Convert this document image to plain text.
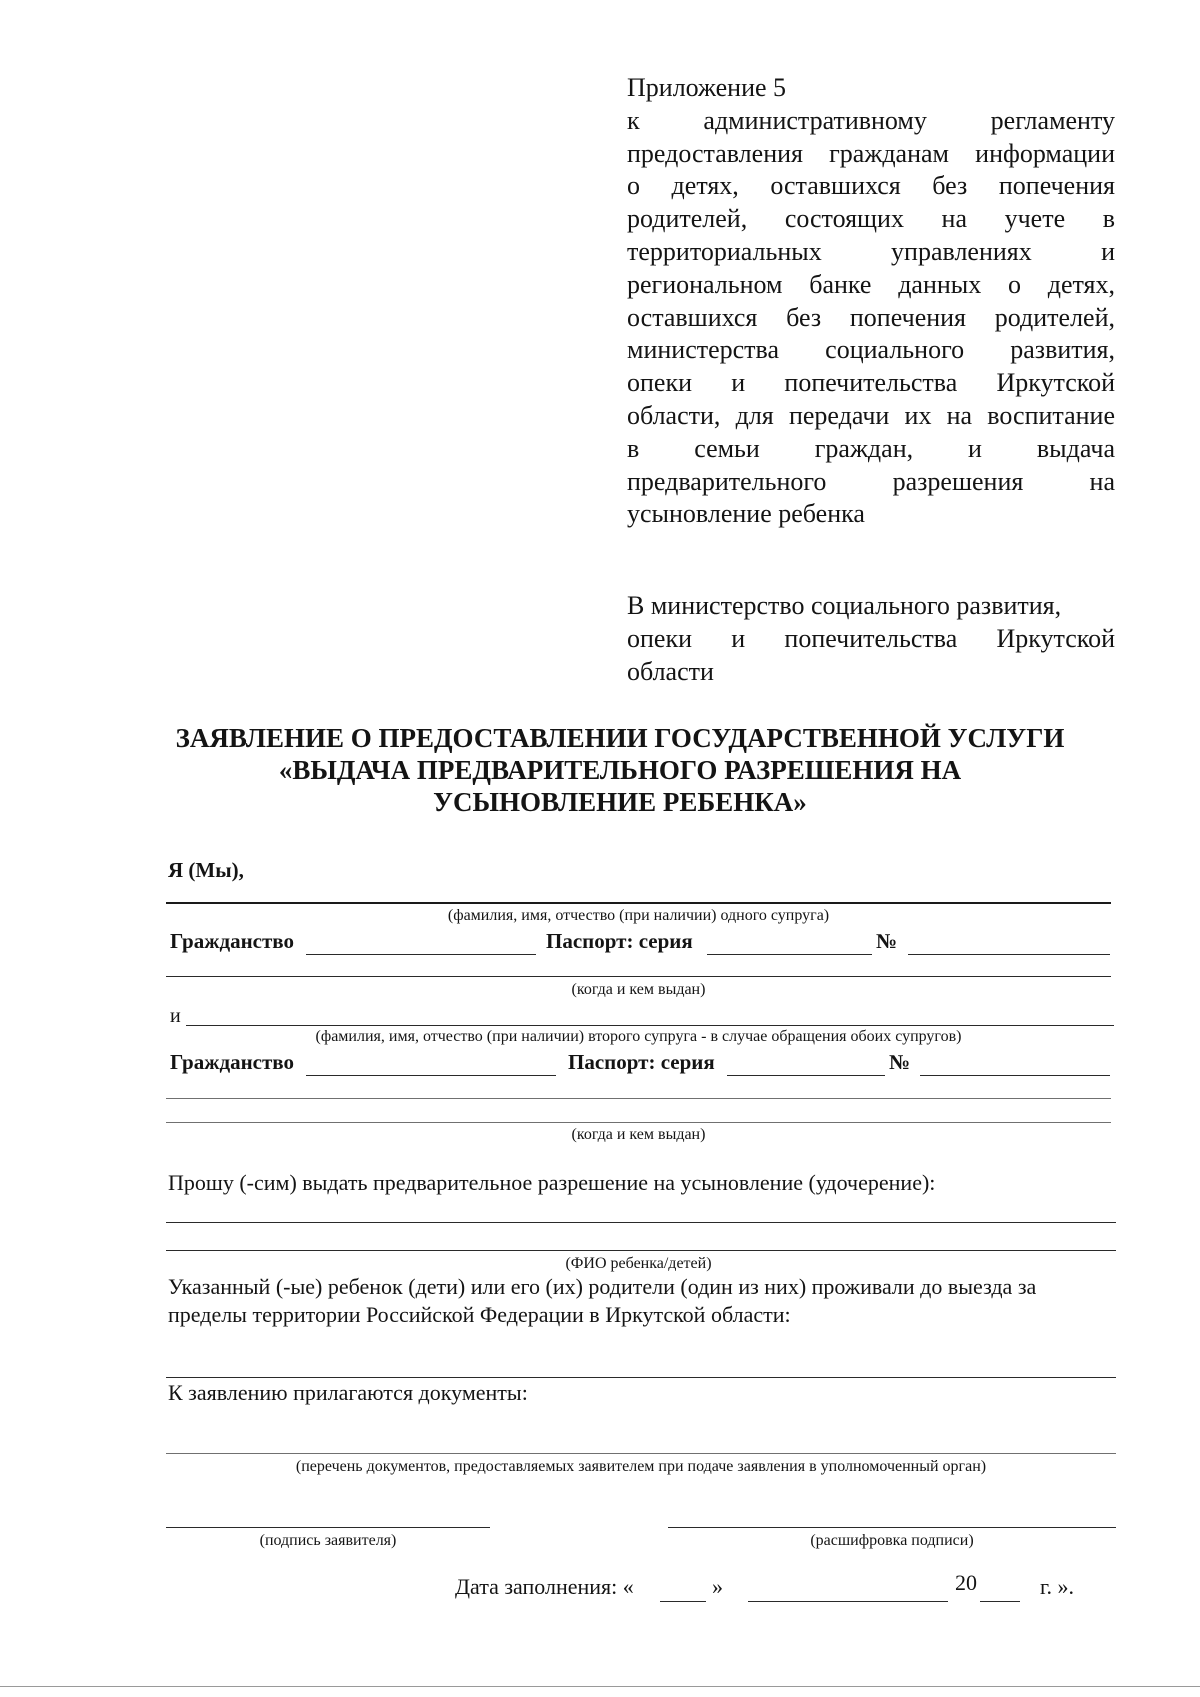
Приложение 5
к административному регламенту
предоставления гражданам информации
о детях, оставшихся без попечения
родителей, состоящих на учете в
территориальных управлениях и
региональном банке данных о детях,
оставшихся без попечения родителей,
министерства социального развития,
опеки и попечительства Иркутской
области, для передачи их на воспитание
в семьи граждан, и выдача
предварительного разрешения на
усыновление ребенка
В министерство социального развития,
опеки и попечительства Иркутской
области
ЗАЯВЛЕНИЕ О ПРЕДОСТАВЛЕНИИ ГОСУДАРСТВЕННОЙ УСЛУГИ
«ВЫДАЧА ПРЕДВАРИТЕЛЬНОГО РАЗРЕШЕНИЯ НА
УСЫНОВЛЕНИЕ РЕБЕНКА»
Я (Мы),
(фамилия, имя, отчество (при наличии) одного супруга)
Гражданство	Паспорт: серия	№
(когда и кем выдан)
и
(фамилия, имя, отчество (при наличии) второго супруга - в случае обращения обоих супругов)
Гражданство	Паспорт: серия	№
(когда и кем выдан)
Прошу (-сим) выдать предварительное разрешение на усыновление (удочерение):
(ФИО ребенка/детей)
Указанный (-ые) ребенок (дети) или его (их) родители (один из них) проживали до выезда за
пределы территории Российской Федерации в Иркутской области:
К заявлению прилагаются документы:
(перечень документов, предоставляемых заявителем при подаче заявления в уполномоченный орган)
(подпись заявителя)	(расшифровка подписи)
Дата заполнения: «	»	20	г. ».
